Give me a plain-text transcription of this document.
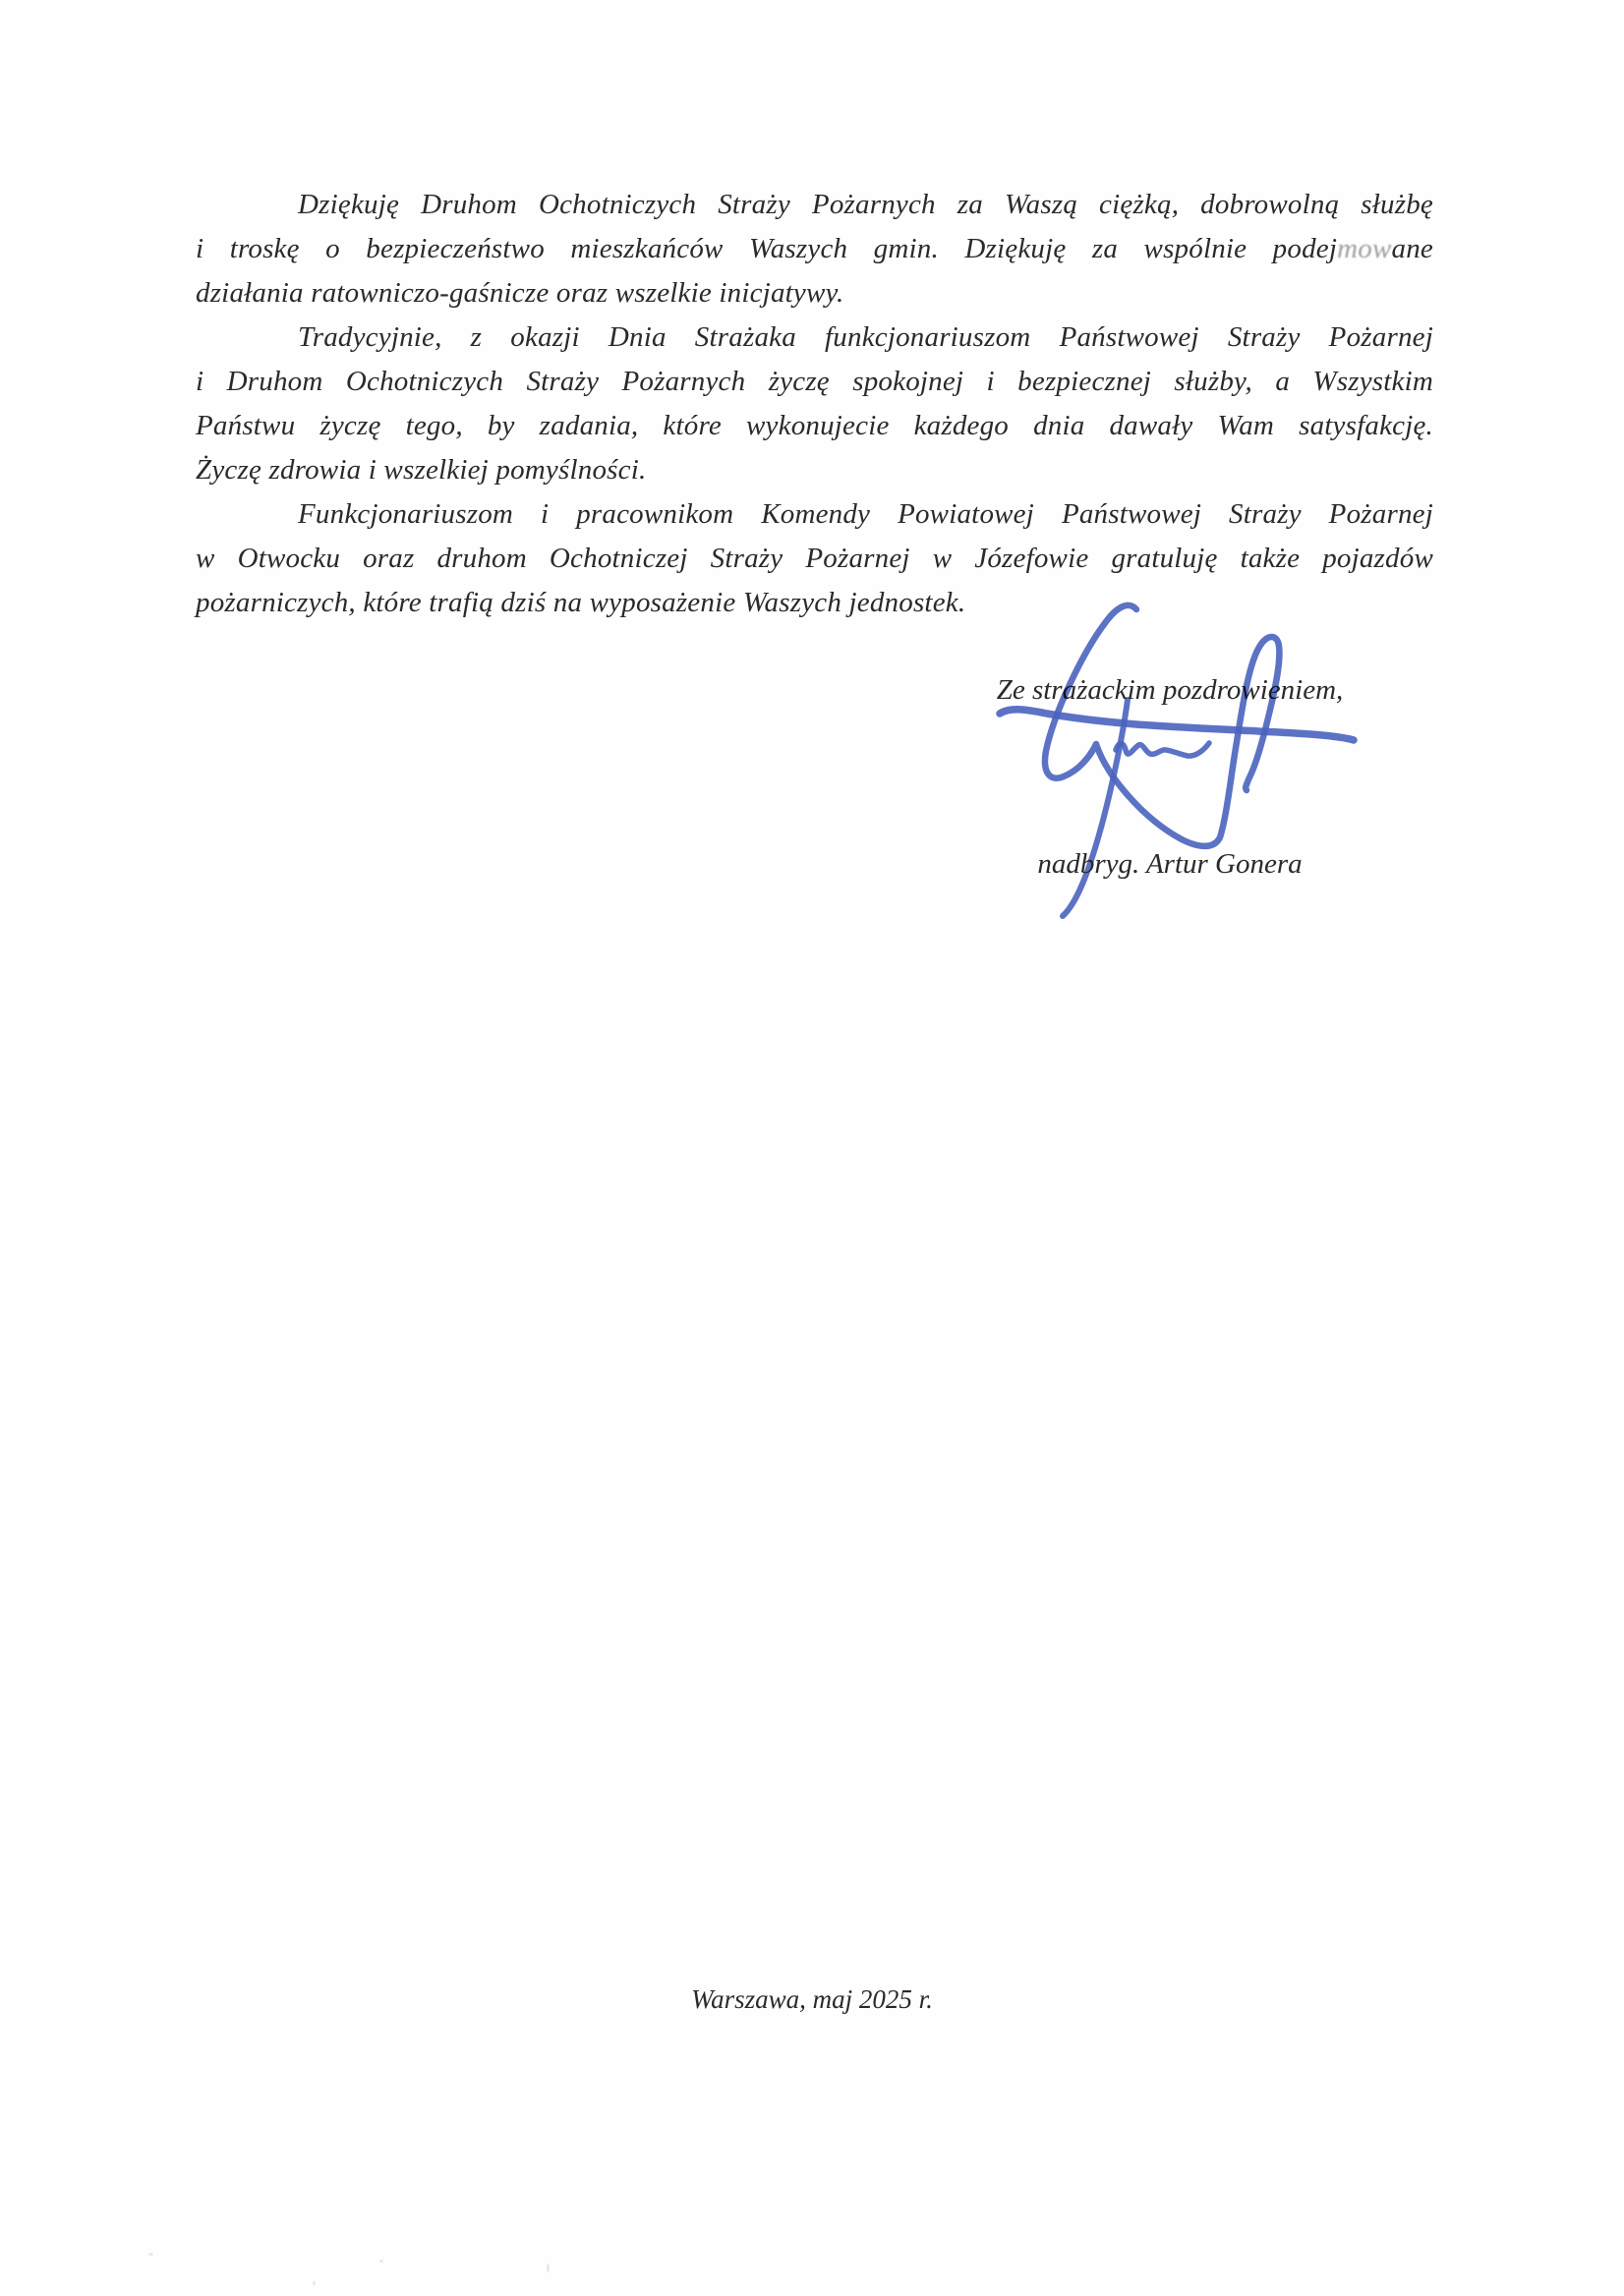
Dziękuję Druhom Ochotniczych Straży Pożarnych za Waszą ciężką, dobrowolną służbę
i troskę o bezpieczeństwo mieszkańców Waszych gmin. Dziękuję za wspólnie podejmowane
działania ratowniczo-gaśnicze oraz wszelkie inicjatywy.
Tradycyjnie, z okazji Dnia Strażaka funkcjonariuszom Państwowej Straży Pożarnej
i Druhom Ochotniczych Straży Pożarnych życzę spokojnej i bezpiecznej służby, a Wszystkim
Państwu życzę tego, by zadania, które wykonujecie każdego dnia dawały Wam satysfakcję.
Życzę zdrowia i wszelkiej pomyślności.
Funkcjonariuszom i pracownikom Komendy Powiatowej Państwowej Straży Pożarnej
w Otwocku oraz druhom Ochotniczej Straży Pożarnej w Józefowie gratuluję także pojazdów
pożarniczych, które trafią dziś na wyposażenie Waszych jednostek.
Ze strażackim pozdrowieniem,
nadbryg. Artur Gonera
Warszawa, maj 2025 r.
